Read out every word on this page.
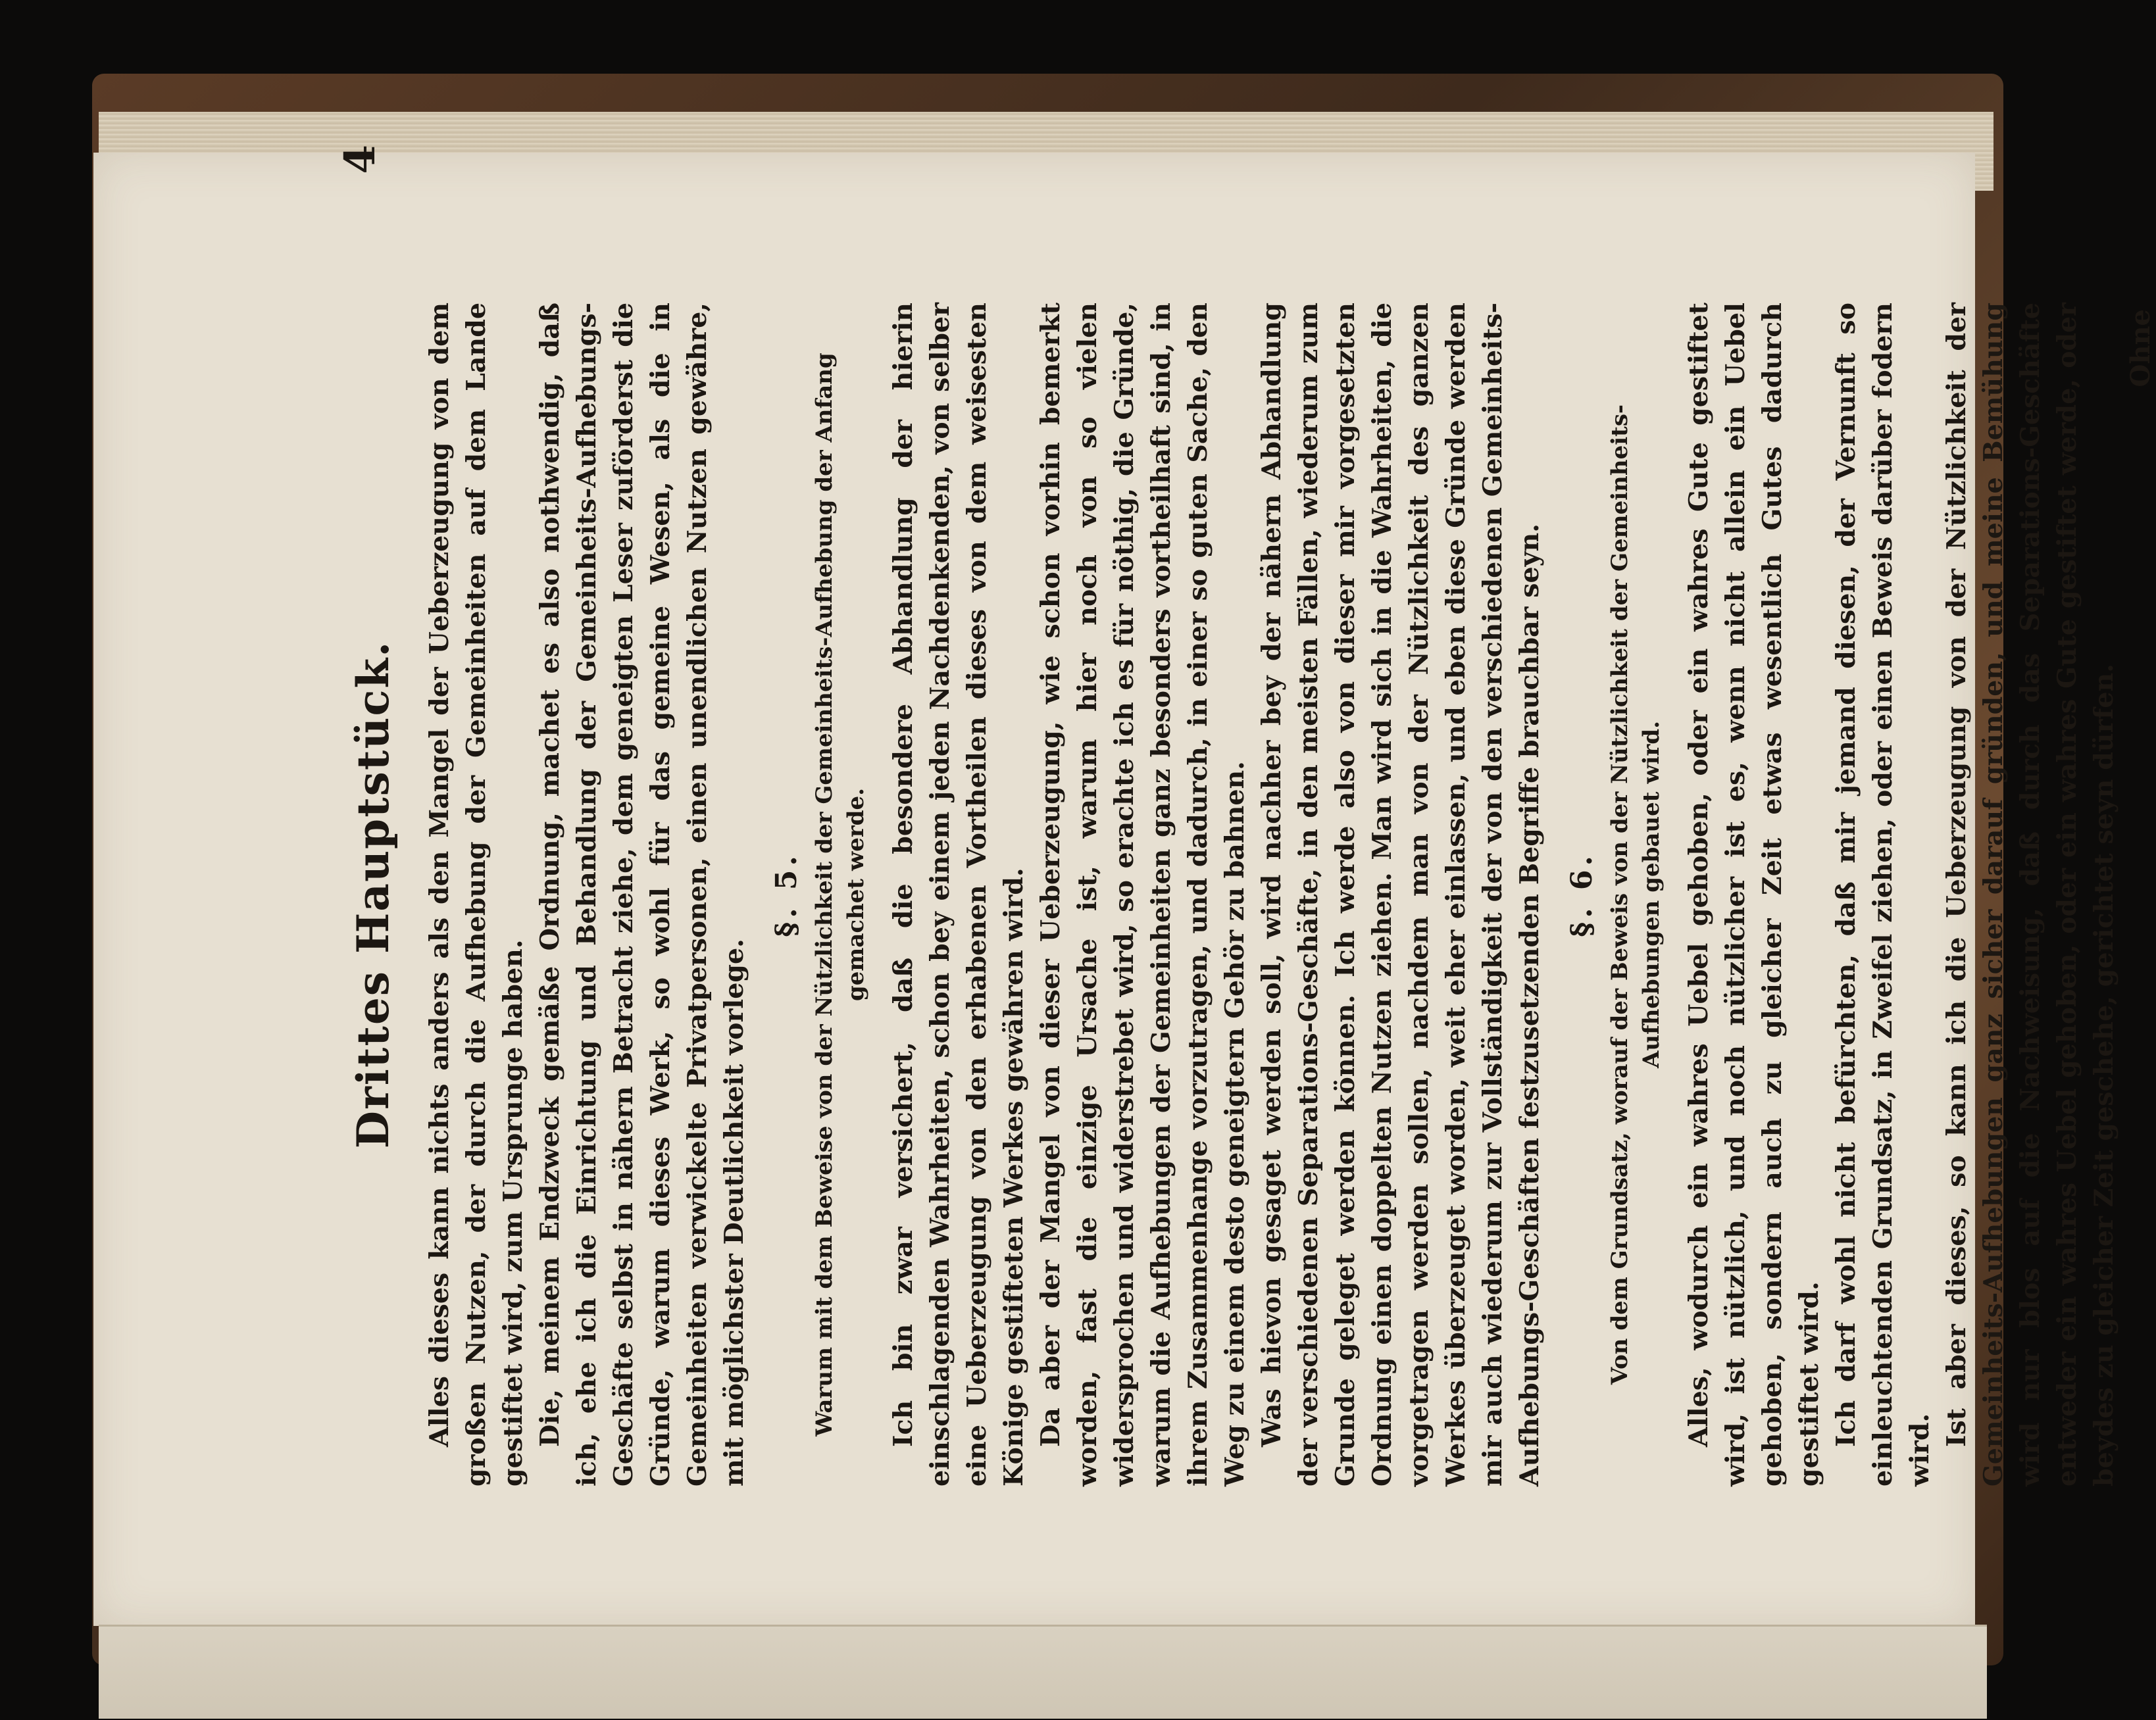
4
Drittes Hauptstück. Alles dieses kann nichts anders als den Mangel der Ueberzeugung von dem großen Nutzen, der durch die Aufhebung der Gemeinheiten auf dem Lande gestiftet wird, zum Ursprunge haben. Die, meinem Endzweck gemäße Ordnung, machet es also nothwendig, daß ich, ehe ich die Einrichtung und Behandlung der Gemeinheits-Aufhebungs-Geschäfte selbst in nähern Betracht ziehe, dem geneigten Leser zuförderst die Gründe, warum dieses Werk, so wohl für das gemeine Wesen, als die in Gemeinheiten verwickelte Privatpersonen, einen unendlichen Nutzen gewähre, mit möglichster Deutlichkeit vorlege.

§. 5. Warum mit dem Beweise von der Nützlichkeit der Gemeinheits-Aufhebung der Anfang gemachet werde. Ich bin zwar versichert, daß die besondere Abhandlung der hierin einschlagenden Wahrheiten, schon bey einem jeden Nachdenkenden, von selber eine Ueberzeugung von den erhabenen Vortheilen dieses von dem weisesten Könige gestifteten Werkes gewähren wird. Da aber der Mangel von dieser Ueberzeugung, wie schon vorhin bemerkt worden, fast die einzige Ursache ist, warum hier noch von so vielen widersprochen und widerstrebet wird, so erachte ich es für nöthig, die Gründe, warum die Aufhebungen der Gemeinheiten ganz besonders vortheilhaft sind, in ihrem Zusammenhange vorzutragen, und dadurch, in einer so guten Sache, den Weg zu einem desto geneigtern Gehör zu bahnen. Was hievon gesaget werden soll, wird nachher bey der nähern Abhandlung der verschiedenen Separations-Geschäfte, in den meisten Fällen, wiederum zum Grunde geleget werden können. Ich werde also von dieser mir vorgesetzten Ordnung einen doppelten Nutzen ziehen. Man wird sich in die Wahrheiten, die vorgetragen werden sollen, nachdem man von der Nützlichkeit des ganzen Werkes überzeuget worden, weit eher einlassen, und eben diese Gründe werden mir auch wiederum zur Vollständigkeit der von den verschiedenen Gemeinheits-Aufhebungs-Geschäften festzusetzenden Begriffe brauchbar seyn. §. 6. Von dem Grundsatz, worauf der Beweis von der Nützlichkeit der Gemeinheits-Aufhebungen gebauet wird. Alles, wodurch ein wahres Uebel gehoben, oder ein wahres Gute gestiftet wird, ist nützlich, und noch nützlicher ist es, wenn nicht allein ein Uebel gehoben, sondern auch zu gleicher Zeit etwas wesentlich Gutes dadurch gestiftet wird. Ich darf wohl nicht befürchten, daß mir jemand diesen, der Vernunft so einleuchtenden Grundsatz, in Zweifel ziehen, oder einen Beweis darüber fodern wird.

Ist aber dieses, so kann ich die Ueberzeugung von der Nützlichkeit der Gemeinheits-Aufhebungen ganz sicher darauf gründen, und meine Bemühung wird nur blos auf die Nachweisung, daß durch das Separations-Geschäfte entweder ein wahres Uebel gehoben, oder ein wahres Gute gestiftet werde, oder beydes zu gleicher Zeit geschehe, gerichtet seyn dürfen.

Ohne
